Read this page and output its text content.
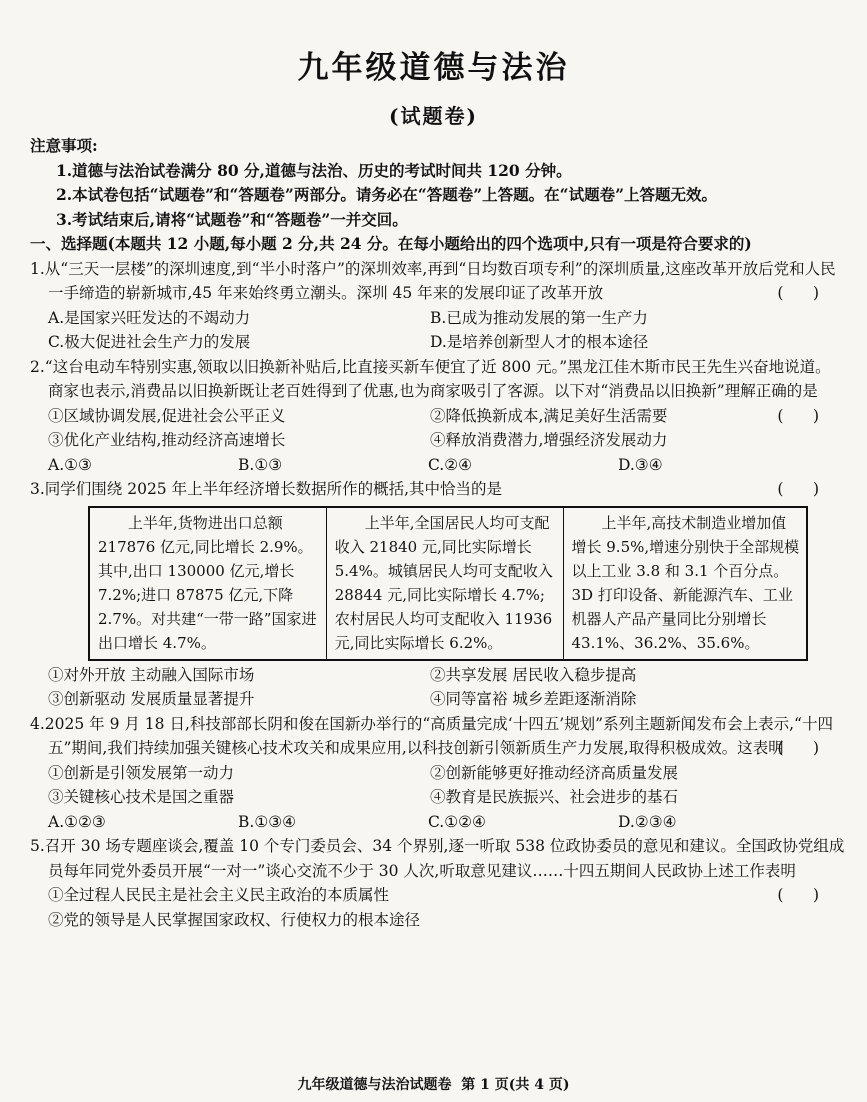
九年级道德与法治
(试题卷)
注意事项:
1.道德与法治试卷满分 80 分,道德与法治、历史的考试时间共 120 分钟。
2.本试卷包括“试题卷”和“答题卷”两部分。请务必在“答题卷”上答题。在“试题卷”上答题无效。
3.考试结束后,请将“试题卷”和“答题卷”一并交回。
一、选择题(本题共 12 小题,每小题 2 分,共 24 分。在每小题给出的四个选项中,只有一项是符合要求的)
1.从“三天一层楼”的深圳速度,到“半小时落户”的深圳效率,再到“日均数百项专利”的深圳质量,这座改革开放后党和人民一手缔造的崭新城市,45 年来始终勇立潮头。深圳 45 年来的发展印证了改革开放	(      )
A.是国家兴旺发达的不竭动力	B.已成为推动发展的第一生产力
C.极大促进社会生产力的发展	D.是培养创新型人才的根本途径
2.“这台电动车特别实惠,领取以旧换新补贴后,比直接买新车便宜了近 800 元。”黑龙江佳木斯市民王先生兴奋地说道。商家也表示,消费品以旧换新既让老百姓得到了优惠,也为商家吸引了客源。以下对“消费品以旧换新”理解正确的是
(      )
①区域协调发展,促进社会公平正义	②降低换新成本,满足美好生活需要
③优化产业结构,推动经济高速增长	④释放消费潜力,增强经济发展动力
A.①③	B.①③	C.②④	D.③④
3.同学们围绕 2025 年上半年经济增长数据所作的概括,其中恰当的是	(      )
上半年,货物进出口总额 217876 亿元,同比增长 2.9%。其中,出口 130000 亿元,增长 7.2%;进口 87875 亿元,下降 2.7%。对共建“一带一路”国家进出口增长 4.7%。	上半年,全国居民人均可支配收入 21840 元,同比实际增长 5.4%。城镇居民人均可支配收入 28844 元,同比实际增长 4.7%;农村居民人均可支配收入 11936 元,同比实际增长 6.2%。	上半年,高技术制造业增加值增长 9.5%,增速分别快于全部规模以上工业 3.8 和 3.1 个百分点。3D 打印设备、新能源汽车、工业机器人产品产量同比分别增长 43.1%、36.2%、35.6%。
①对外开放 主动融入国际市场	②共享发展 居民收入稳步提高
③创新驱动 发展质量显著提升	④同等富裕 城乡差距逐渐消除
4.2025 年 9 月 18 日,科技部部长阴和俊在国新办举行的“高质量完成‘十四五’规划”系列主题新闻发布会上表示,“十四五”期间,我们持续加强关键核心技术攻关和成果应用,以科技创新引领新质生产力发展,取得积极成效。这表明
(      )
①创新是引领发展第一动力	②创新能够更好推动经济高质量发展
③关键核心技术是国之重器	④教育是民族振兴、社会进步的基石
A.①②③	B.①③④	C.①②④	D.②③④
5.召开 30 场专题座谈会,覆盖 10 个专门委员会、34 个界别,逐一听取 538 位政协委员的意见和建议。全国政协党组成员每年同党外委员开展“一对一”谈心交流不少于 30 人次,听取意见建议……十四五期间人民政协上述工作表明
(      )
①全过程人民民主是社会主义民主政治的本质属性
②党的领导是人民掌握国家政权、行使权力的根本途径
九年级道德与法治试题卷  第 1 页(共 4 页)
